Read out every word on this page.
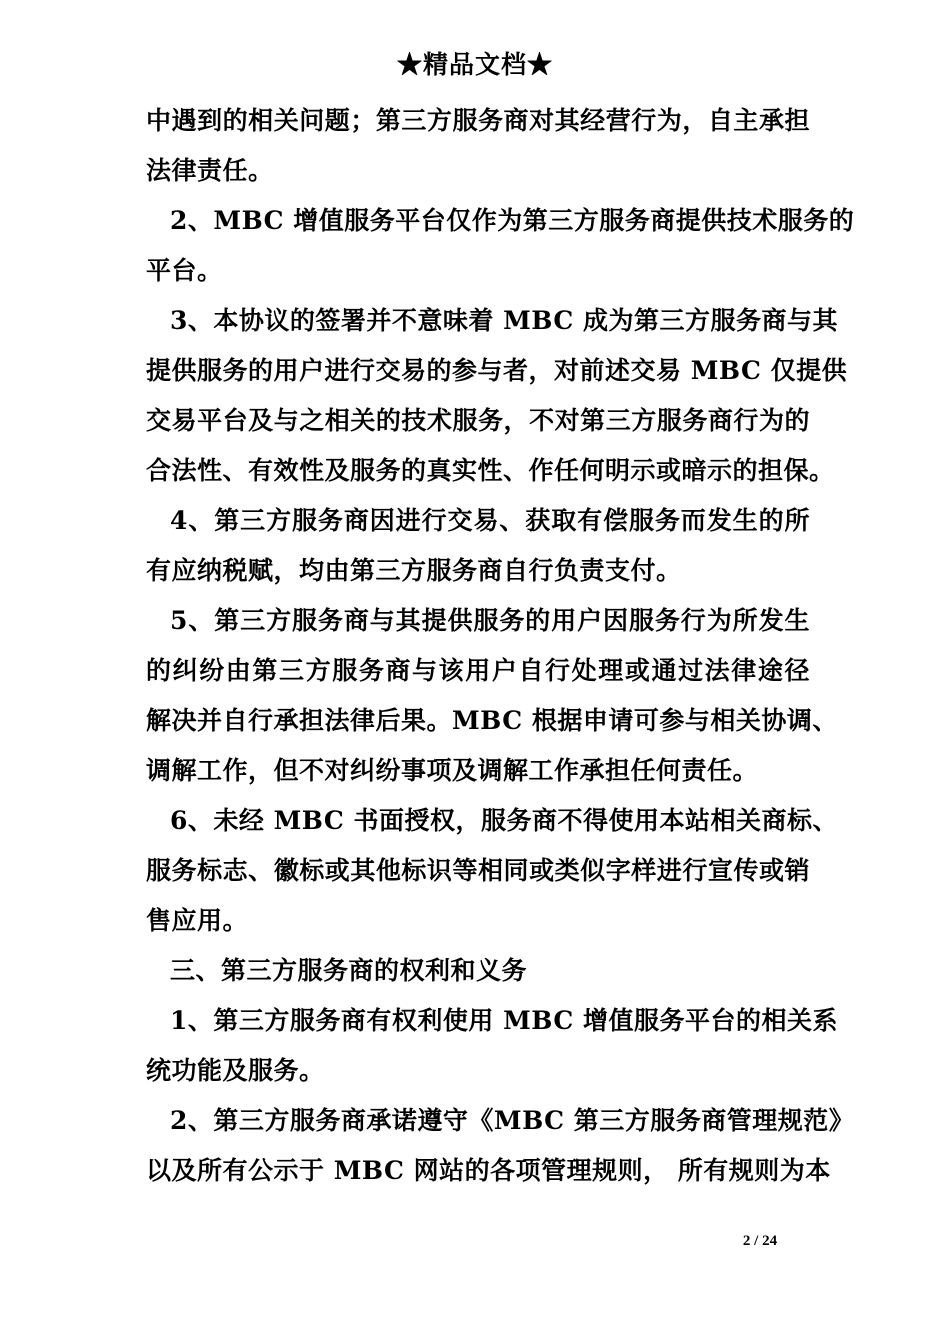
★精品文档★
中遇到的相关问题；第三方服务商对其经营行为，自主承担
法律责任。
2、MBC 增值服务平台仅作为第三方服务商提供技术服务的
平台。
3、本协议的签署并不意味着 MBC 成为第三方服务商与其
提供服务的用户进行交易的参与者，对前述交易 MBC 仅提供
交易平台及与之相关的技术服务，不对第三方服务商行为的
合法性、有效性及服务的真实性、作任何明示或暗示的担保。
4、第三方服务商因进行交易、获取有偿服务而发生的所
有应纳税赋，均由第三方服务商自行负责支付。
5、第三方服务商与其提供服务的用户因服务行为所发生
的纠纷由第三方服务商与该用户自行处理或通过法律途径
解决并自行承担法律后果。MBC 根据申请可参与相关协调、
调解工作，但不对纠纷事项及调解工作承担任何责任。
6、未经 MBC 书面授权，服务商不得使用本站相关商标、
服务标志、徽标或其他标识等相同或类似字样进行宣传或销
售应用。
三、第三方服务商的权利和义务
1、第三方服务商有权利使用 MBC 增值服务平台的相关系
统功能及服务。
2、第三方服务商承诺遵守《MBC 第三方服务商管理规范》
以及所有公示于 MBC 网站的各项管理规则， 所有规则为本
2 / 24
